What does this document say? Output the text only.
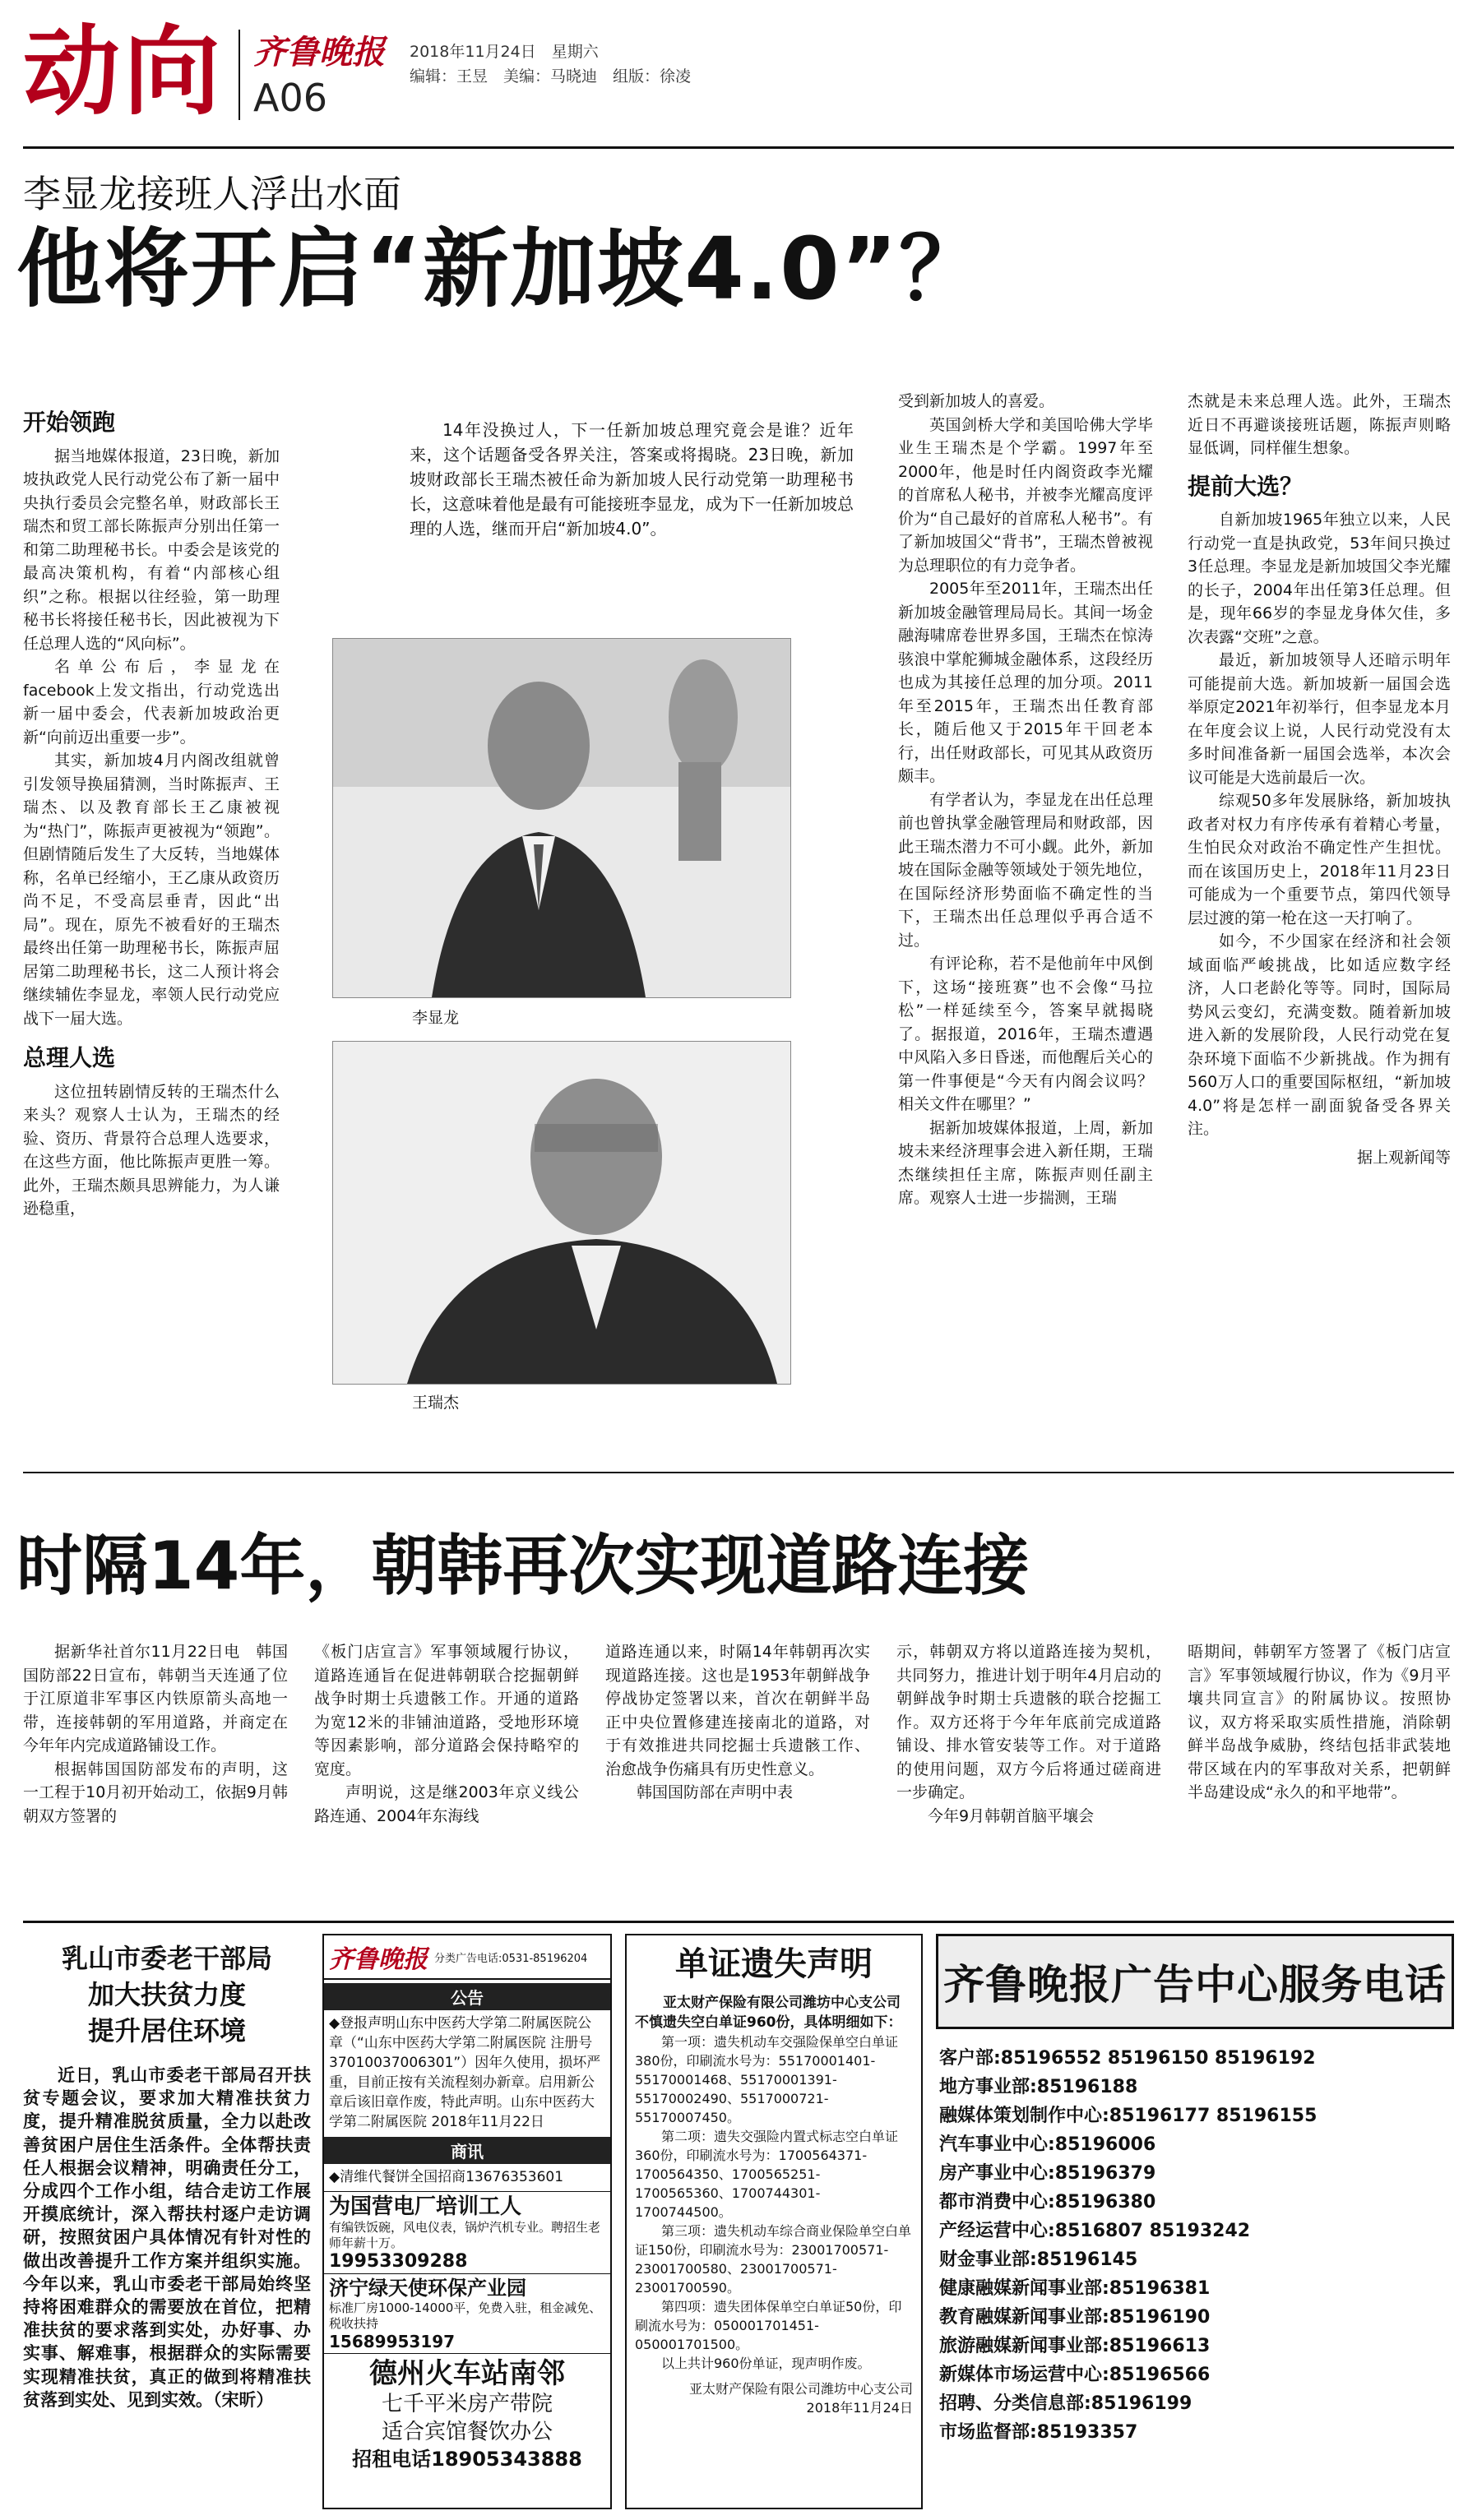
动向 齐鲁晚报
A06
2018年11月24日　星期六
编辑：王昱　美编：马晓迪　组版：徐凌
李显龙接班人浮出水面
他将开启“新加坡4.0”？
开始领跑

据当地媒体报道，23日晚，新加坡执政党人民行动党公布了新一届中央执行委员会完整名单，财政部长王瑞杰和贸工部长陈振声分别出任第一和第二助理秘书长。中委会是该党的最高决策机构，有着“内部核心组织”之称。根据以往经验，第一助理秘书长将接任秘书长，因此被视为下任总理人选的“风向标”。

名单公布后，李显龙在facebook上发文指出，行动党选出新一届中委会，代表新加坡政治更新“向前迈出重要一步”。

其实，新加坡4月内阁改组就曾引发领导换届猜测，当时陈振声、王瑞杰、以及教育部长王乙康被视为“热门”，陈振声更被视为“领跑”。但剧情随后发生了大反转，当地媒体称，名单已经缩小，王乙康从政资历尚不足，不受高层垂青，因此“出局”。现在，原先不被看好的王瑞杰最终出任第一助理秘书长，陈振声屈居第二助理秘书长，这二人预计将会继续辅佐李显龙，率领人民行动党应战下一届大选。

总理人选

这位扭转剧情反转的王瑞杰什么来头？观察人士认为，王瑞杰的经验、资历、背景符合总理人选要求，在这些方面，他比陈振声更胜一筹。此外，王瑞杰颇具思辨能力，为人谦逊稳重，

14年没换过人，下一任新加坡总理究竟会是谁？近年来，这个话题备受各界关注，答案或将揭晓。23日晚，新加坡财政部长王瑞杰被任命为新加坡人民行动党第一助理秘书长，这意味着他是最有可能接班李显龙，成为下一任新加坡总理的人选，继而开启“新加坡4.0”。

李显龙
王瑞杰

受到新加坡人的喜爱。

英国剑桥大学和美国哈佛大学毕业生王瑞杰是个学霸。1997年至2000年，他是时任内阁资政李光耀的首席私人秘书，并被李光耀高度评价为“自己最好的首席私人秘书”。有了新加坡国父“背书”，王瑞杰曾被视为总理职位的有力竞争者。

2005年至2011年，王瑞杰出任新加坡金融管理局局长。其间一场金融海啸席卷世界多国，王瑞杰在惊涛骇浪中掌舵狮城金融体系，这段经历也成为其接任总理的加分项。2011年至2015年，王瑞杰出任教育部长，随后他又于2015年干回老本行，出任财政部长，可见其从政资历颇丰。

有学者认为，李显龙在出任总理前也曾执掌金融管理局和财政部，因此王瑞杰潜力不可小觑。此外，新加坡在国际金融等领域处于领先地位，在国际经济形势面临不确定性的当下，王瑞杰出任总理似乎再合适不过。

有评论称，若不是他前年中风倒下，这场“接班赛”也不会像“马拉松”一样延续至今，答案早就揭晓了。据报道，2016年，王瑞杰遭遇中风陷入多日昏迷，而他醒后关心的第一件事便是“今天有内阁会议吗？相关文件在哪里？”

据新加坡媒体报道，上周，新加坡未来经济理事会进入新任期，王瑞杰继续担任主席，陈振声则任副主席。观察人士进一步揣测，王瑞

杰就是未来总理人选。此外，王瑞杰近日不再避谈接班话题，陈振声则略显低调，同样催生想象。

提前大选？

自新加坡1965年独立以来，人民行动党一直是执政党，53年间只换过3任总理。李显龙是新加坡国父李光耀的长子，2004年出任第3任总理。但是，现年66岁的李显龙身体欠佳，多次表露“交班”之意。

最近，新加坡领导人还暗示明年可能提前大选。新加坡新一届国会选举原定2021年初举行，但李显龙本月在年度会议上说，人民行动党没有太多时间准备新一届国会选举，本次会议可能是大选前最后一次。

综观50多年发展脉络，新加坡执政者对权力有序传承有着精心考量，生怕民众对政治不确定性产生担忧。而在该国历史上，2018年11月23日可能成为一个重要节点，第四代领导层过渡的第一枪在这一天打响了。

如今，不少国家在经济和社会领域面临严峻挑战，比如适应数字经济，人口老龄化等等。同时，国际局势风云变幻，充满变数。随着新加坡进入新的发展阶段，人民行动党在复杂环境下面临不少新挑战。作为拥有560万人口的重要国际枢纽，“新加坡4.0”将是怎样一副面貌备受各界关注。

据上观新闻等
时隔14年，朝韩再次实现道路连接

据新华社首尔11月22日电　韩国国防部22日宣布，韩朝当天连通了位于江原道非军事区内铁原箭头高地一带，连接韩朝的军用道路，并商定在今年年内完成道路铺设工作。

根据韩国国防部发布的声明，这一工程于10月初开始动工，依据9月韩朝双方签署的

《板门店宣言》军事领域履行协议，道路连通旨在促进韩朝联合挖掘朝鲜战争时期士兵遗骸工作。开通的道路为宽12米的非铺油道路，受地形环境等因素影响，部分道路会保持略窄的宽度。

声明说，这是继2003年京义线公路连通、2004年东海线

道路连通以来，时隔14年韩朝再次实现道路连接。这也是1953年朝鲜战争停战协定签署以来，首次在朝鲜半岛正中央位置修建连接南北的道路，对于有效推进共同挖掘士兵遗骸工作、治愈战争伤痛具有历史性意义。

韩国国防部在声明中表

示，韩朝双方将以道路连接为契机，共同努力，推进计划于明年4月启动的朝鲜战争时期士兵遗骸的联合挖掘工作。双方还将于今年年底前完成道路铺设、排水管安装等工作。对于道路的使用问题，双方今后将通过磋商进一步确定。

今年9月韩朝首脑平壤会

晤期间，韩朝军方签署了《板门店宣言》军事领域履行协议，作为《9月平壤共同宣言》的附属协议。按照协议，双方将采取实质性措施，消除朝鲜半岛战争威胁，终结包括非武装地带区域在内的军事敌对关系，把朝鲜半岛建设成“永久的和平地带”。

乳山市委老干部局
加大扶贫力度
提升居住环境

近日，乳山市委老干部局召开扶贫专题会议，要求加大精准扶贫力度，提升精准脱贫质量，全力以赴改善贫困户居住生活条件。全体帮扶责任人根据会议精神，明确责任分工，分成四个工作小组，结合走访工作展开摸底统计，深入帮扶村逐户走访调研，按照贫困户具体情况有针对性的做出改善提升工作方案并组织实施。今年以来，乳山市委老干部局始终坚持将困难群众的需要放在首位，把精准扶贫的要求落到实处，办好事、办实事、解难事，根据群众的实际需要实现精准扶贫，真正的做到将精准扶贫落到实处、见到实效。（宋昕）

齐鲁晚报 分类广告电话:0531-85196204
公告
◆登报声明山东中医药大学第二附属医院公章（“山东中医药大学第二附属医院 注册号37010037006301”）因年久使用，损坏严重，目前正按有关流程刻办新章。启用新公章后该旧章作废，特此声明。山东中医药大学第二附属医院 2018年11月22日
商讯
◆清维代餐饼全国招商13676353601
为国营电厂培训工人
有编铁饭碗，风电仪表，锅炉汽机专业。聘招生老师年薪十万。
19953309288
济宁绿天使环保产业园
标准厂房1000-14000平，免费入驻，租金减免、税收扶持
15689953197
德州火车站南邻
七千平米房产带院
适合宾馆餐饮办公
招租电话18905343888
单证遗失声明
亚太财产保险有限公司潍坊中心支公司不慎遗失空白单证960份，具体明细如下：
第一项：遗失机动车交强险保单空白单证380份，印刷流水号为：55170001401-55170001468、55170001391-55170002490、5517000721-55170007450。
第二项：遗失交强险内置式标志空白单证360份，印刷流水号为：1700564371-1700564350、1700565251-1700565360、1700744301-1700744500。
第三项：遗失机动车综合商业保险单空白单证150份，印刷流水号为：23001700571-23001700580、23001700571-23001700590。
第四项：遗失团体保单空白单证50份，印刷流水号为：050001701451-050001701500。
以上共计960份单证，现声明作废。
亚太财产保险有限公司潍坊中心支公司
2018年11月24日
齐鲁晚报广告中心服务电话
客户部:85196552 85196150 85196192
地方事业部:85196188
融媒体策划制作中心:85196177 85196155
汽车事业中心:85196006
房产事业中心:85196379
都市消费中心:85196380
产经运营中心:8516807 85193242
财金事业部:85196145
健康融媒新闻事业部:85196381
教育融媒新闻事业部:85196190
旅游融媒新闻事业部:85196613
新媒体市场运营中心:85196566
招聘、分类信息部:85196199
市场监督部:85193357
